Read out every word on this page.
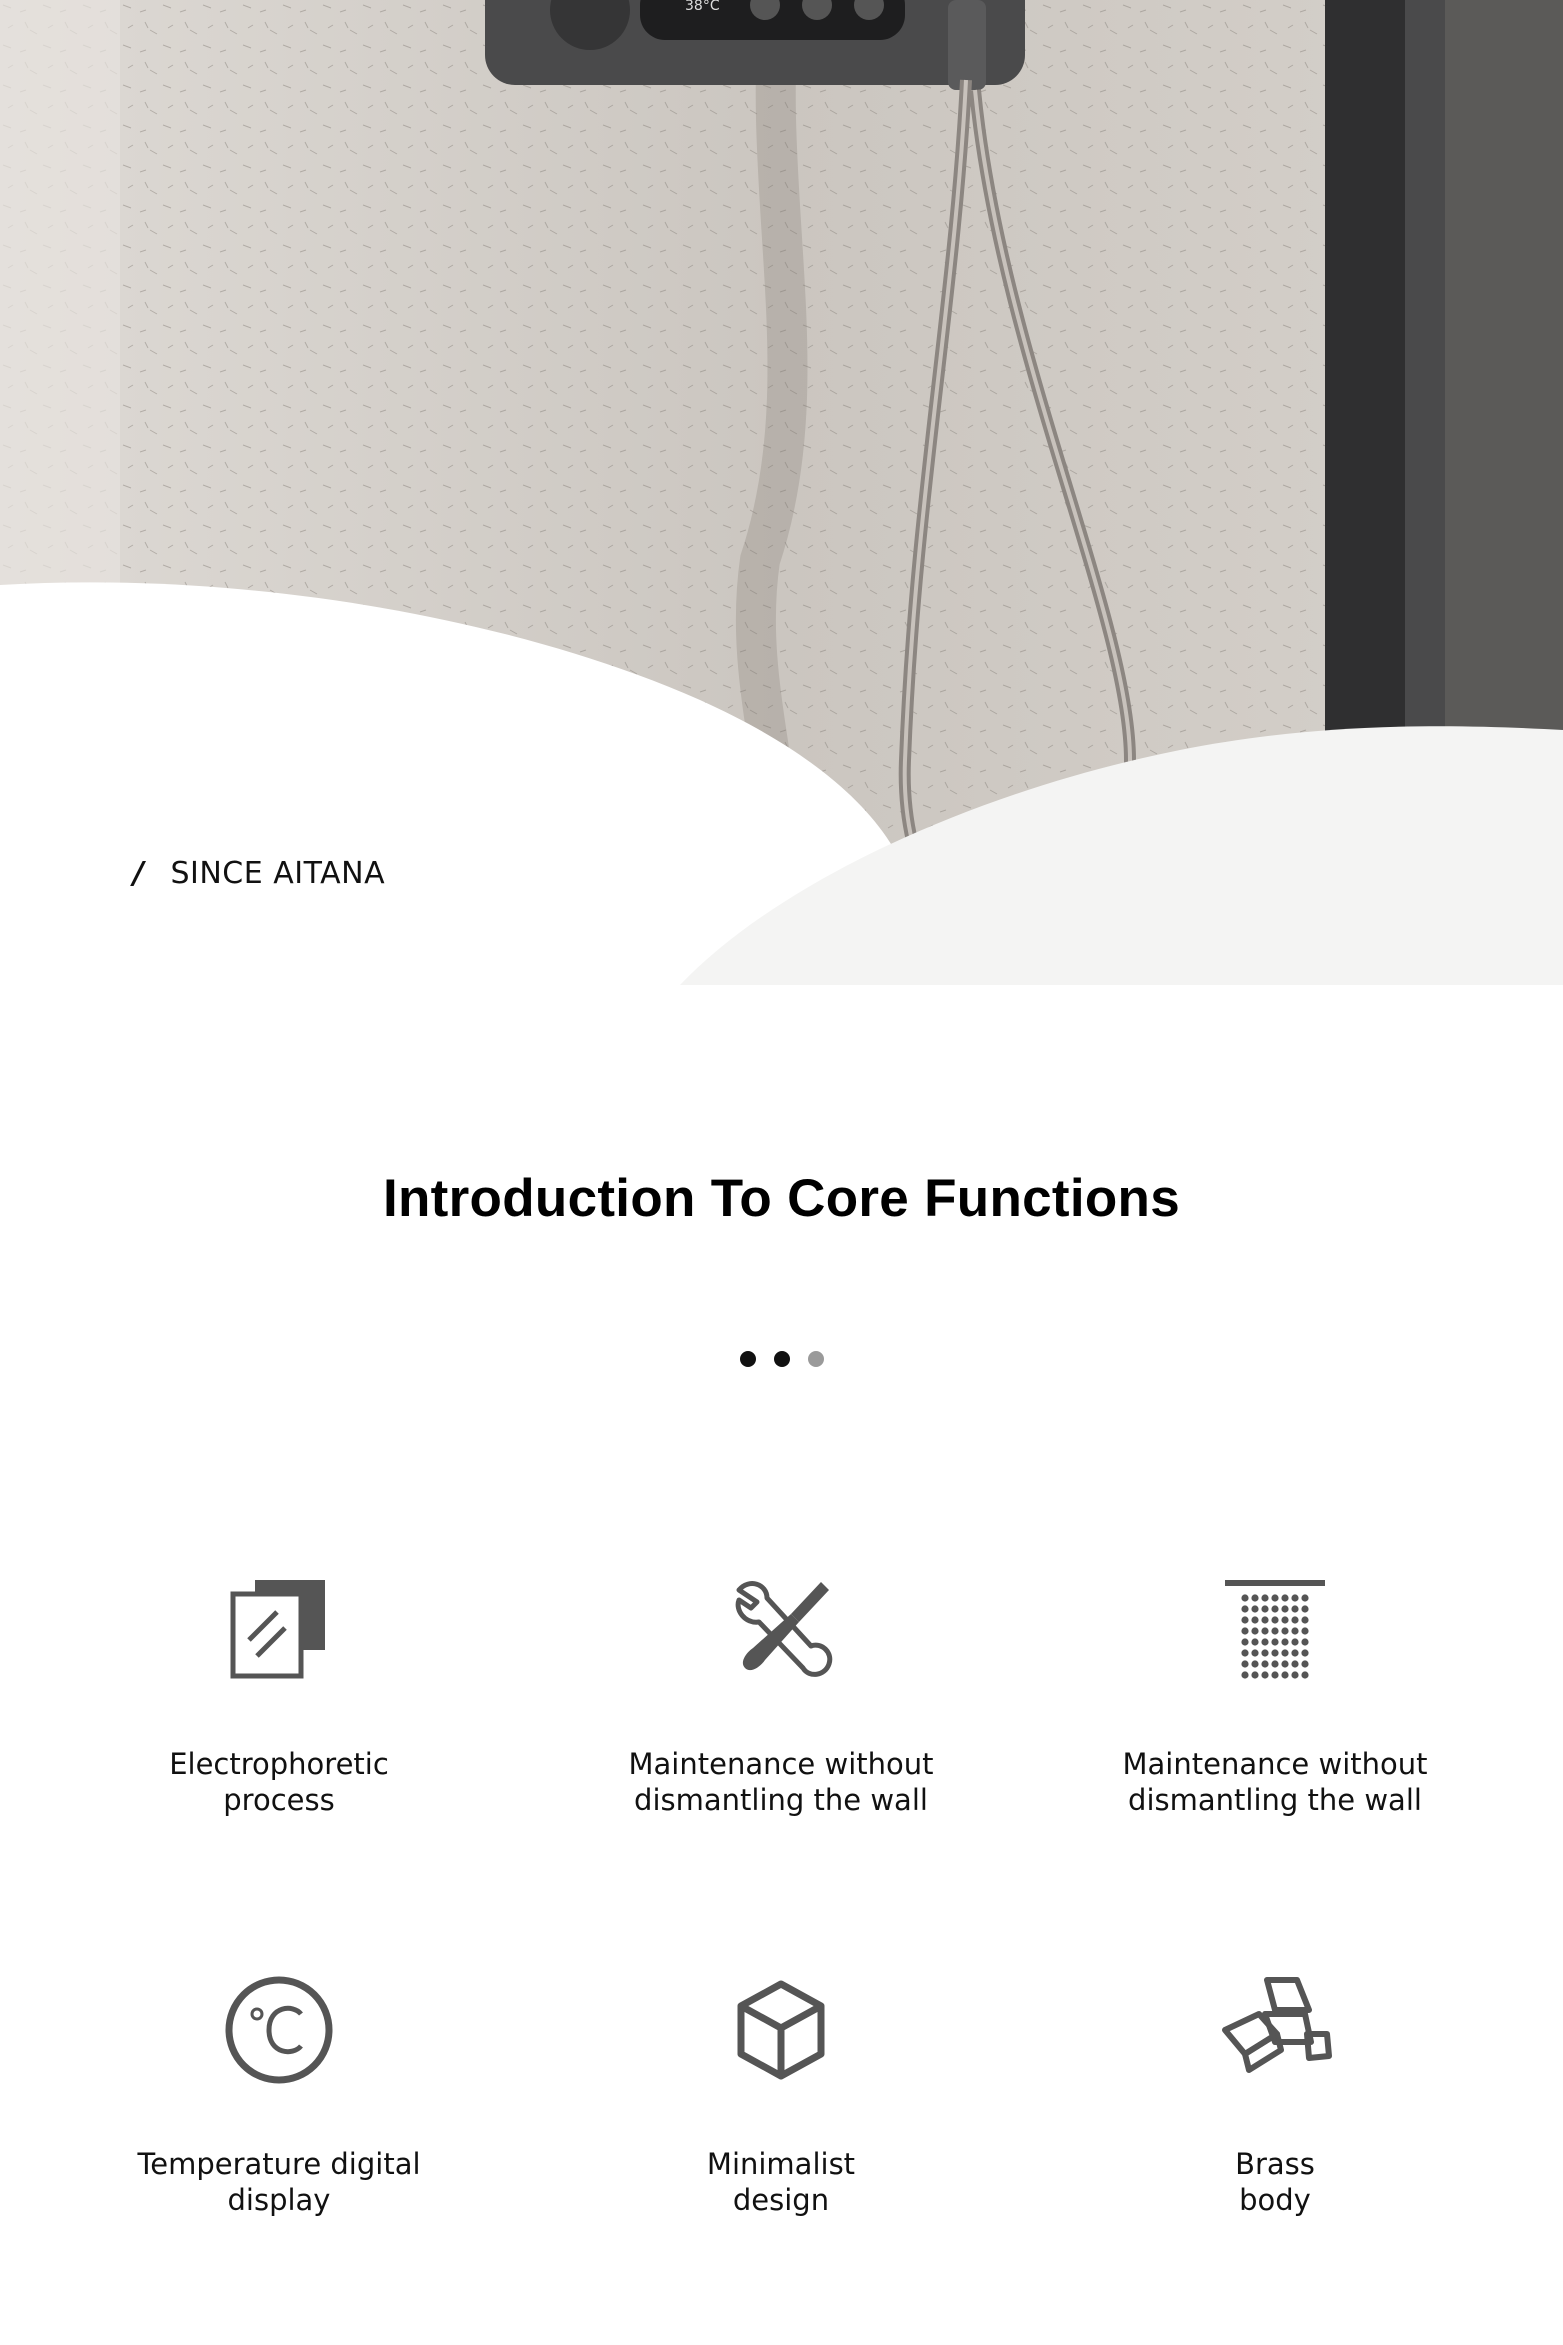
38°C
/ SINCE AITANA
Introduction To Core Functions
Electrophoretic
process
Maintenance without
dismantling the wall
Maintenance without
dismantling the wall
Temperature digital
display
Minimalist
design
Brass
body
